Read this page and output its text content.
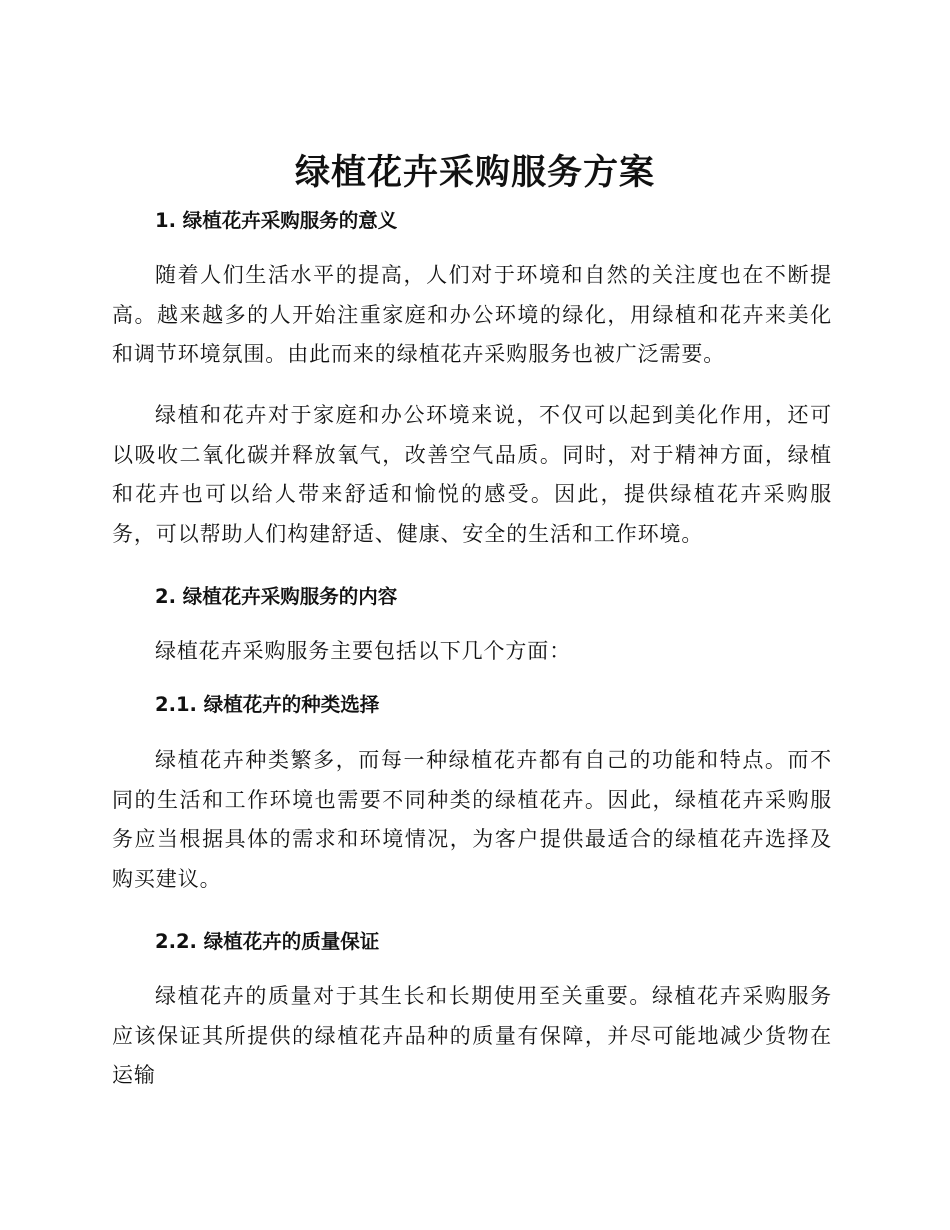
绿植花卉采购服务方案
1. 绿植花卉采购服务的意义

随着人们生活水平的提高，人们对于环境和自然的关注度也在不断提高。越来越多的人开始注重家庭和办公环境的绿化，用绿植和花卉来美化和调节环境氛围。由此而来的绿植花卉采购服务也被广泛需要。

绿植和花卉对于家庭和办公环境来说，不仅可以起到美化作用，还可以吸收二氧化碳并释放氧气，改善空气品质。同时，对于精神方面，绿植和花卉也可以给人带来舒适和愉悦的感受。因此，提供绿植花卉采购服务，可以帮助人们构建舒适、健康、安全的生活和工作环境。

2. 绿植花卉采购服务的内容

绿植花卉采购服务主要包括以下几个方面：

2.1. 绿植花卉的种类选择

绿植花卉种类繁多，而每一种绿植花卉都有自己的功能和特点。而不同的生活和工作环境也需要不同种类的绿植花卉。因此，绿植花卉采购服务应当根据具体的需求和环境情况，为客户提供最适合的绿植花卉选择及购买建议。

2.2. 绿植花卉的质量保证

绿植花卉的质量对于其生长和长期使用至关重要。绿植花卉采购服务应该保证其所提供的绿植花卉品种的质量有保障，并尽可能地减少货物在运输
